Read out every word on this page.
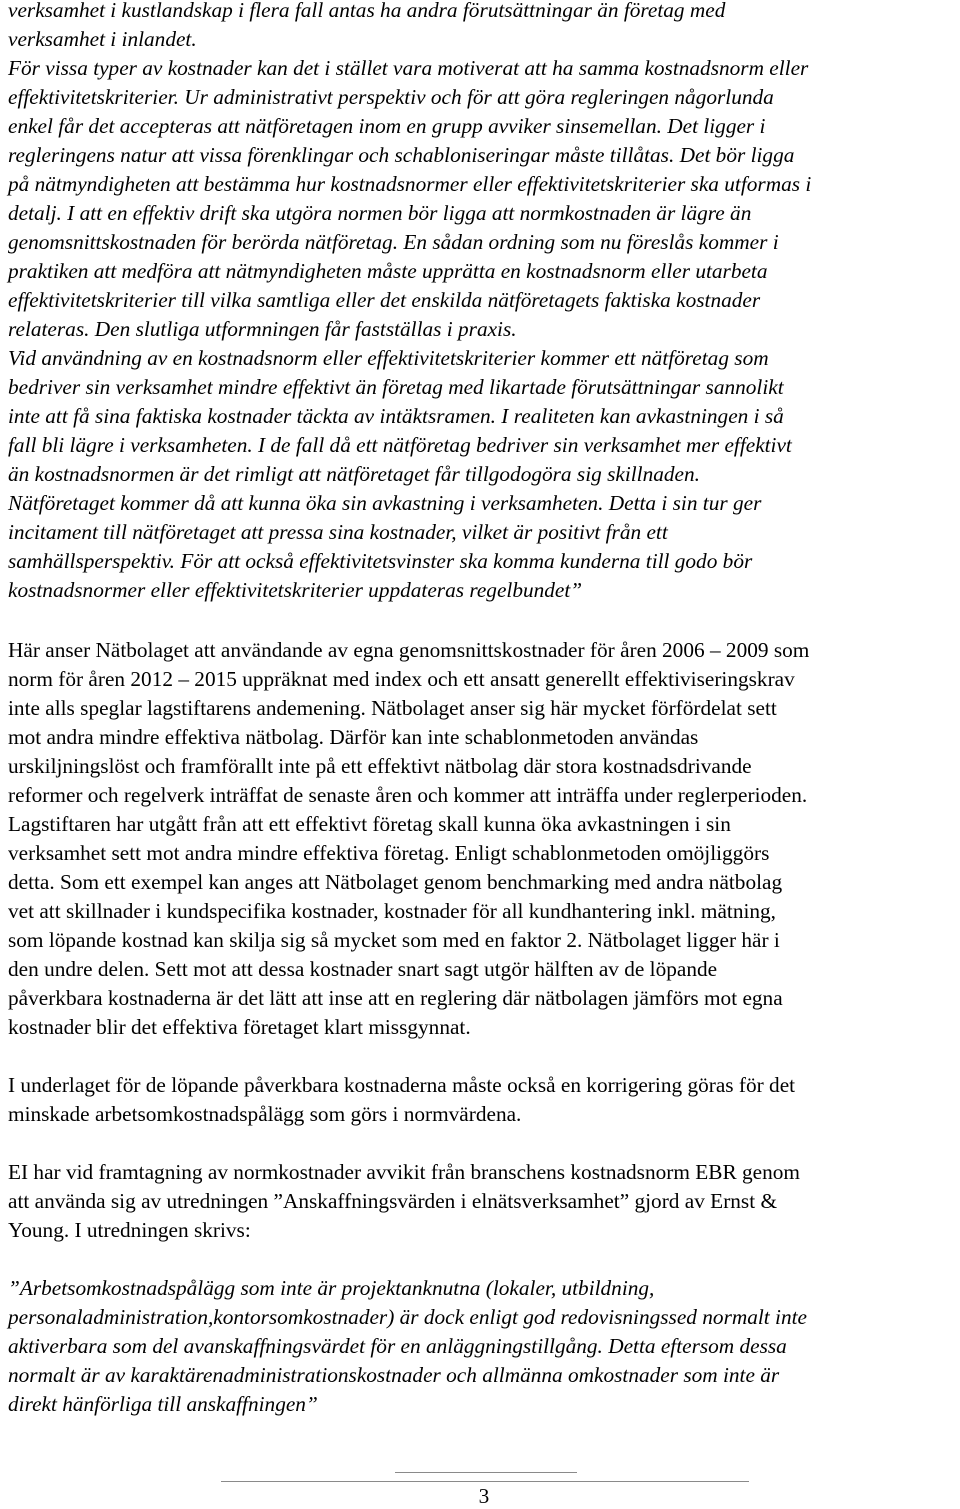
verksamhet i kustlandskap i flera fall antas ha andra förutsättningar än företag med
verksamhet i inlandet.
För vissa typer av kostnader kan det i stället vara motiverat att ha samma kostnadsnorm eller
effektivitetskriterier. Ur administrativt perspektiv och för att göra regleringen någorlunda
enkel får det accepteras att nätföretagen inom en grupp avviker sinsemellan. Det ligger i
regleringens natur att vissa förenklingar och schabloniseringar måste tillåtas. Det bör ligga
på nätmyndigheten att bestämma hur kostnadsnormer eller effektivitetskriterier ska utformas i
detalj. I att en effektiv drift ska utgöra normen bör ligga att normkostnaden är lägre än
genomsnittskostnaden för berörda nätföretag. En sådan ordning som nu föreslås kommer i
praktiken att medföra att nätmyndigheten måste upprätta en kostnadsnorm eller utarbeta
effektivitetskriterier till vilka samtliga eller det enskilda nätföretagets faktiska kostnader
relateras. Den slutliga utformningen får fastställas i praxis.
Vid användning av en kostnadsnorm eller effektivitetskriterier kommer ett nätföretag som
bedriver sin verksamhet mindre effektivt än företag med likartade förutsättningar sannolikt
inte att få sina faktiska kostnader täckta av intäktsramen. I realiteten kan avkastningen i så
fall bli lägre i verksamheten. I de fall då ett nätföretag bedriver sin verksamhet mer effektivt
än kostnadsnormen är det rimligt att nätföretaget får tillgodogöra sig skillnaden.
Nätföretaget kommer då att kunna öka sin avkastning i verksamheten. Detta i sin tur ger
incitament till nätföretaget att pressa sina kostnader, vilket är positivt från ett
samhällsperspektiv. För att också effektivitetsvinster ska komma kunderna till godo bör
kostnadsnormer eller effektivitetskriterier uppdateras regelbundet”
Här anser Nätbolaget att användande av egna genomsnittskostnader för åren 2006 – 2009 som
norm för åren 2012 – 2015 uppräknat med index och ett ansatt generellt effektiviseringskrav
inte alls speglar lagstiftarens andemening. Nätbolaget anser sig här mycket förfördelat sett
mot andra mindre effektiva nätbolag. Därför kan inte schablonmetoden användas
urskiljningslöst och framförallt inte på ett effektivt nätbolag där stora kostnadsdrivande
reformer och regelverk inträffat de senaste åren och kommer att inträffa under reglerperioden.
Lagstiftaren har utgått från att ett effektivt företag skall kunna öka avkastningen i sin
verksamhet sett mot andra mindre effektiva företag. Enligt schablonmetoden omöjliggörs
detta. Som ett exempel kan anges att Nätbolaget genom benchmarking med andra nätbolag
vet att skillnader i kundspecifika kostnader, kostnader för all kundhantering inkl. mätning,
som löpande kostnad kan skilja sig så mycket som med en faktor 2. Nätbolaget ligger här i
den undre delen. Sett mot att dessa kostnader snart sagt utgör hälften av de löpande
påverkbara kostnaderna är det lätt att inse att en reglering där nätbolagen jämförs mot egna
kostnader blir det effektiva företaget klart missgynnat.
I underlaget för de löpande påverkbara kostnaderna måste också en korrigering göras för det
minskade arbetsomkostnadspålägg som görs i normvärdena.
EI har vid framtagning av normkostnader avvikit från branschens kostnadsnorm EBR genom
att använda sig av utredningen ”Anskaffningsvärden i elnätsverksamhet” gjord av Ernst &
Young. I utredningen skrivs:
”Arbetsomkostnadspålägg som inte är projektanknutna (lokaler, utbildning,
personaladministration,kontorsomkostnader) är dock enligt god redovisningssed normalt inte
aktiverbara som del avanskaffningsvärdet för en anläggningstillgång. Detta eftersom dessa
normalt är av karaktärenadministrationskostnader och allmänna omkostnader som inte är
direkt hänförliga till anskaffningen”
3
